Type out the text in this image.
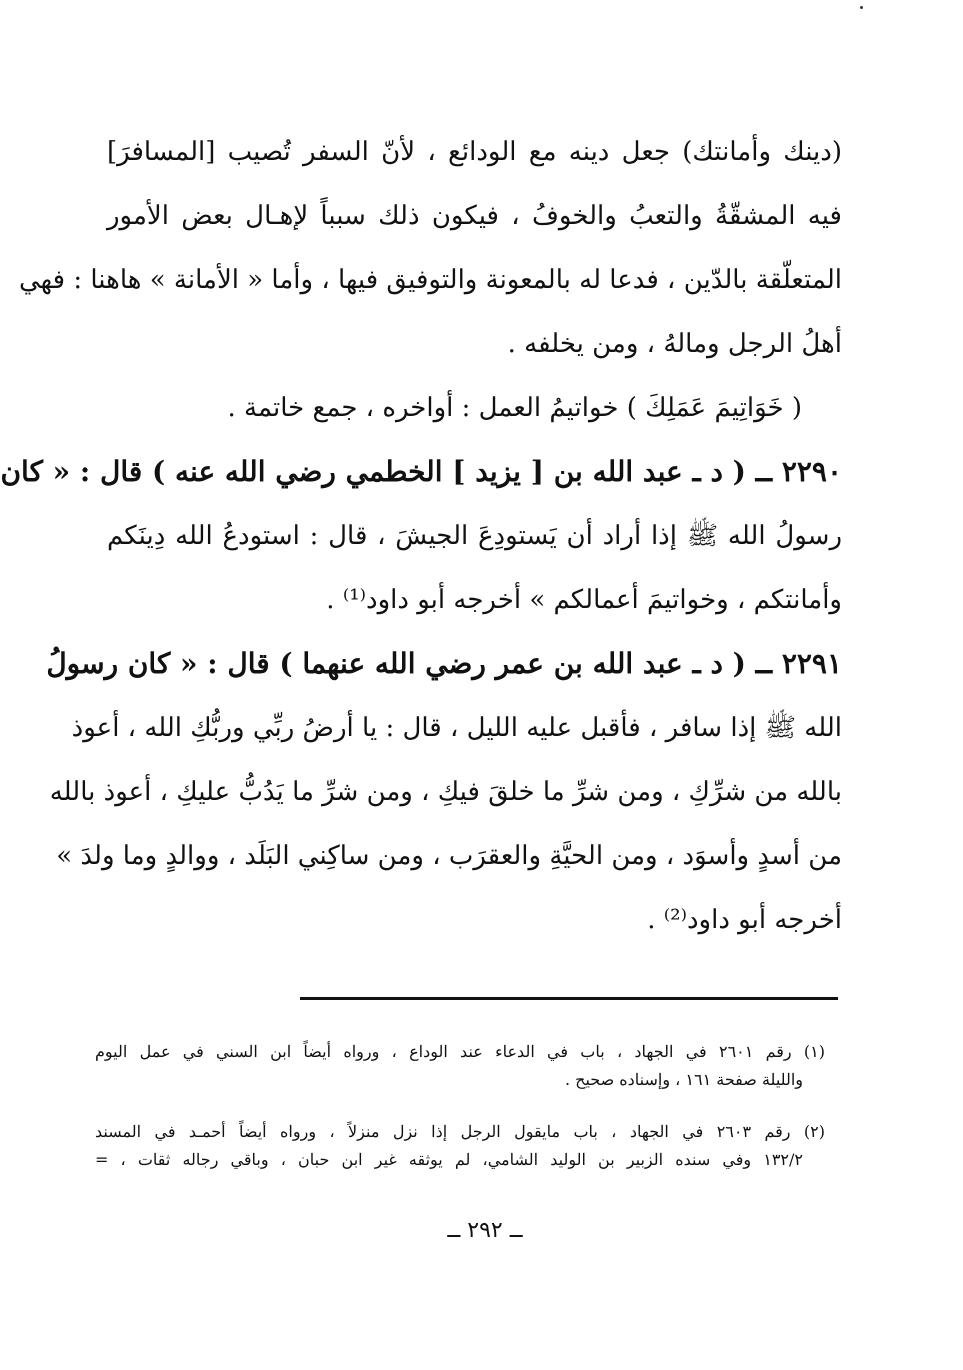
(دينك وأمانتك) جعل دينه مع الودائع ، لأنّ السفر تُصيب [المسافرَ]
فيه المشقّةُ والتعبُ والخوفُ ، فيكون ذلك سبباً لإهـال بعض الأمور
المتعلّقة بالدّين ، فدعا له بالمعونة والتوفيق فيها ، وأما « الأمانة » هاهنا : فهي
أهلُ الرجل ومالهُ ، ومن يخلفه .
( خَوَاتِيمَ عَمَلِكَ ) خواتيمُ العمل : أواخره ، جمع خاتمة .
٢٢٩٠ ــ ( د ـ عبد الله بن [ يزيد ] الخطمي رضي الله عنه ) قال : « كان
رسولُ الله ﷺ إذا أراد أن يَستودِعَ الجيشَ ، قال : استودعُ الله دِينَكم
وأمانتكم ، وخواتيمَ أعمالكم » أخرجه أبو داود⁽¹⁾ .
٢٢٩١ ــ ( د ـ عبد الله بن عمر رضي الله عنهما ) قال : « كان رسولُ
الله ﷺ إذا سافر ، فأقبل عليه الليل ، قال : يا أرضُ ربِّي وربُّكِ الله ، أعوذ
بالله من شرِّكِ ، ومن شرِّ ما خلقَ فيكِ ، ومن شرِّ ما يَدُبُّ عليكِ ، أعوذ بالله
من أسدٍ وأسوَد ، ومن الحيَّةِ والعقرَب ، ومن ساكِني البَلَد ، ووالدٍ وما ولدَ »
أخرجه أبو داود⁽²⁾ .
(١) رقم ٢٦٠١ في الجهاد ، باب في الدعاء عند الوداع ، ورواه أيضاً ابن السني في عمل اليوم
والليلة صفحة ١٦١ ، وإسناده صحيح .
(٢) رقم ٢٦٠٣ في الجهاد ، باب مايقول الرجل إذا نزل منزلاً ، ورواه أيضاً أحمـد في المسند
١٣٢/٢ وفي سنده الزبير بن الوليد الشامي، لم يوثقه غير ابن حبان ، وباقي رجاله ثقات ، =
ــ ٢٩٢ ــ
